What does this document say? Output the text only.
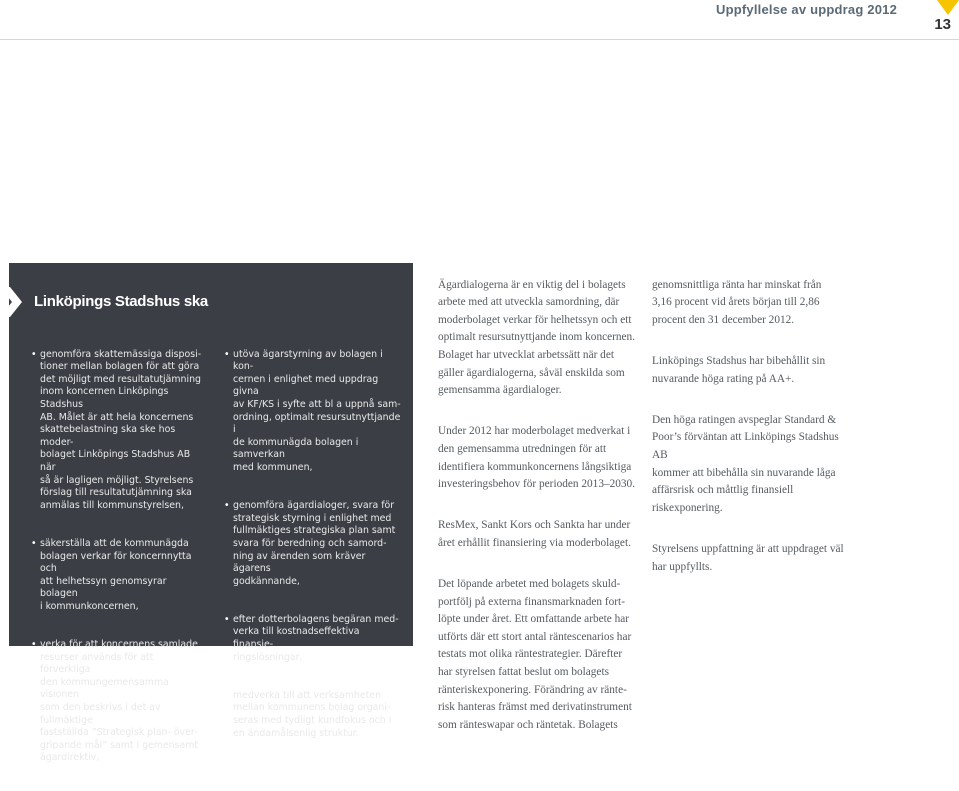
Uppfyllelse av uppdrag 2012
13
Linköpings Stadshus ska

• genomföra skattemässiga disposi-
tioner mellan bolagen för att göra
det möjligt med resultatutjämning
inom koncernen Linköpings Stadshus
AB. Målet är att hela koncernens
skattebelastning ska ske hos moder-
bolaget Linköpings Stadshus AB när
så är lagligen möjligt. Styrelsens
förslag till resultatutjämning ska
anmälas till kommunstyrelsen,

• säkerställa att de kommunägda
bolagen verkar för koncernnytta och
att helhetssyn genomsyrar bolagen
i kommunkoncernen,

• verka för att koncernens samlade
resurser används för att förverkliga
den kommungemensamma visionen
som den beskrivs i det av fullmäktige
fastställda ”Strategisk plan- över-
gripande mål” samt i gemensamt
ägardirektiv,

• utöva ägarstyrning av bolagen i kon-
cernen i enlighet med uppdrag givna
av KF/KS i syfte att bl a uppnå sam-
ordning, optimalt resursutnyttjande i
de kommunägda bolagen i samverkan
med kommunen,

• genomföra ägardialoger, svara för
strategisk styrning i enlighet med
fullmäktiges strategiska plan samt
svara för beredning och samord-
ning av ärenden som kräver ägarens
godkännande,

• efter dotterbolagens begäran med-
verka till kostnadseffektiva finansie-
ringslösningar,

• medverka till att verksamheten
mellan kommunens bolag organi-
seras med tydligt kundfokus och i
en ändamålsenlig struktur.

Ägardialogerna är en viktig del i bolagets
arbete med att utveckla samordning, där
moderbolaget verkar för helhetssyn och ett
optimalt resursutnyttjande inom koncernen.
Bolaget har utvecklat arbetssätt när det
gäller ägardialogerna, såväl enskilda som
gemensamma ägardialoger.

Under 2012 har moderbolaget medverkat i
den gemensamma utredningen för att
identifiera kommunkoncernens långsiktiga
investeringsbehov för perioden 2013–2030.

ResMex, Sankt Kors och Sankta har under
året erhållit finansiering via moderbolaget.

Det löpande arbetet med bolagets skuld-
portfölj på externa finansmarknaden fort-
löpte under året. Ett omfattande arbete har
utförts där ett stort antal räntescenarios har
testats mot olika räntestrategier. Därefter
har styrelsen fattat beslut om bolagets
ränteriskexponering. Förändring av ränte-
risk hanteras främst med derivatinstrument
som ränteswapar och räntetak. Bolagets

genomsnittliga ränta har minskat från
3,16 procent vid årets början till 2,86
procent den 31 december 2012.

Linköpings Stadshus har bibehållit sin
nuvarande höga rating på AA+.

Den höga ratingen avspeglar Standard &
Poor’s förväntan att Linköpings Stadshus AB
kommer att bibehålla sin nuvarande låga
affärsrisk och måttlig finansiell riskexponering.

Styrelsens uppfattning är att uppdraget väl
har uppfyllts.
